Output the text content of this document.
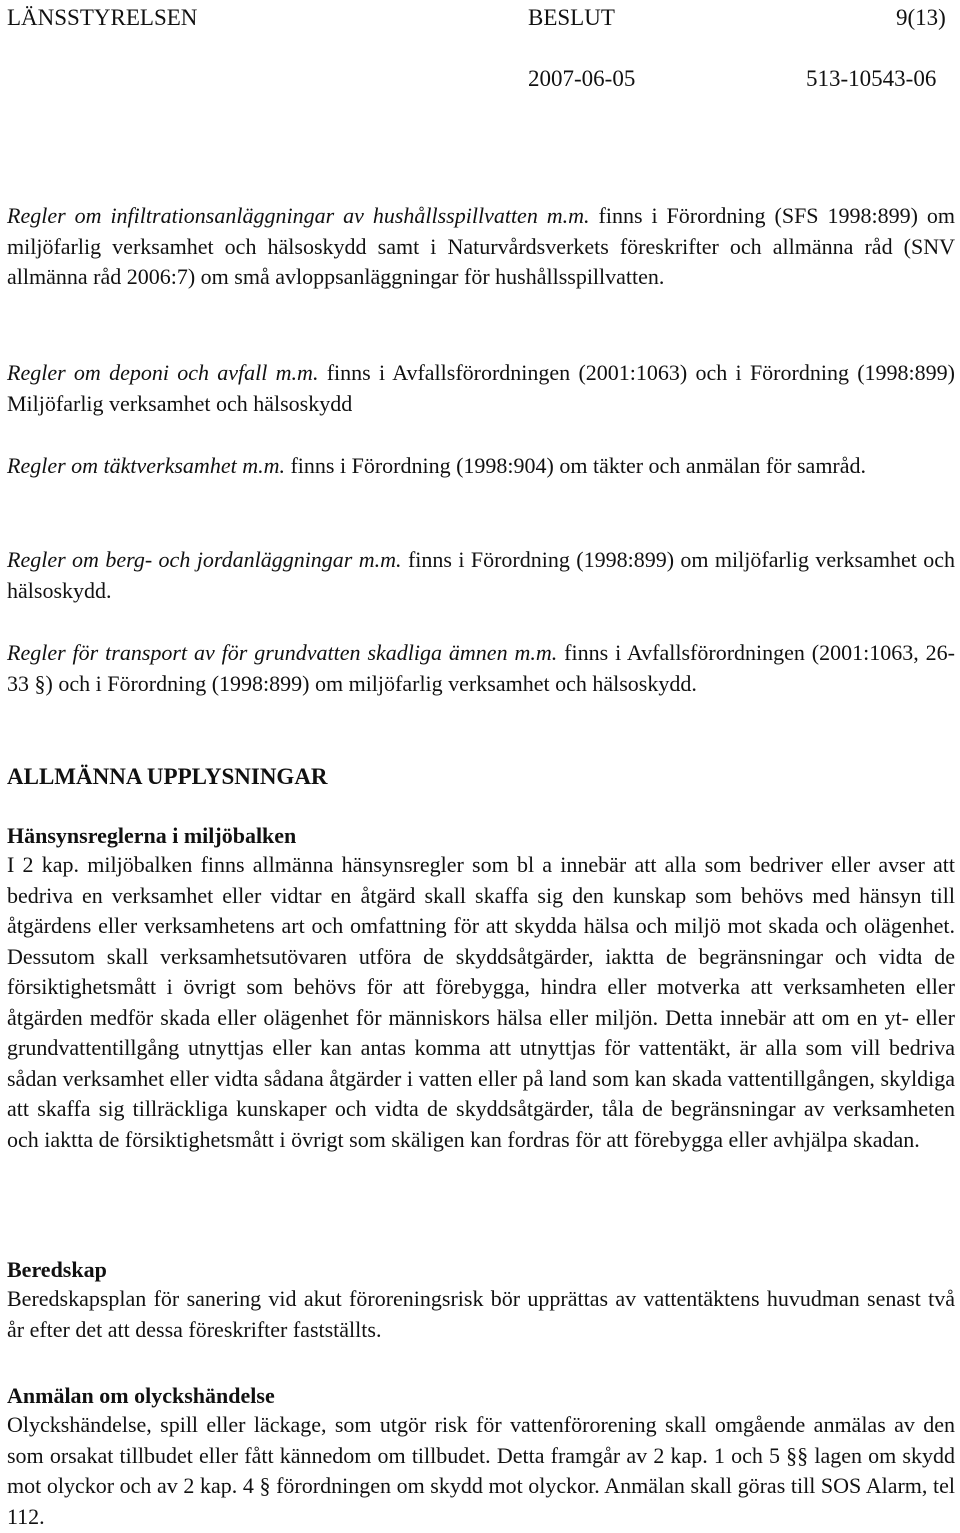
LÄNSSTYRELSEN	BESLUT	9(13)
2007-06-05	513-10543-06

Regler om infiltrationsanläggningar av hushållsspillvatten m.m. finns i Förordning (SFS 1998:899) om miljöfarlig verksamhet och hälsoskydd samt i Naturvårdsverkets föreskrifter och allmänna råd (SNV allmänna råd 2006:7) om små avloppsanläggningar för hushållsspillvatten.

Regler om deponi och avfall m.m. finns i Avfallsförordningen (2001:1063) och i Förordning (1998:899) Miljöfarlig verksamhet och hälsoskydd

Regler om täktverksamhet m.m. finns i Förordning (1998:904) om täkter och anmälan för samråd.

Regler om berg- och jordanläggningar m.m. finns i Förordning (1998:899) om miljöfarlig verksamhet och hälsoskydd.

Regler för transport av för grundvatten skadliga ämnen m.m. finns i Avfallsförordningen (2001:1063, 26-33 §) och i Förordning (1998:899) om miljöfarlig verksamhet och hälsoskydd.

ALLMÄNNA UPPLYSNINGAR
Hänsynsreglerna i miljöbalken

I 2 kap. miljöbalken finns allmänna hänsynsregler som bl a innebär att alla som bedriver eller avser att bedriva en verksamhet eller vidtar en åtgärd skall skaffa sig den kunskap som behövs med hänsyn till åtgärdens eller verksamhetens art och omfattning för att skydda hälsa och miljö mot skada och olägenhet. Dessutom skall verksamhetsutövaren utföra de skyddsåtgärder, iaktta de begränsningar och vidta de försiktighetsmått i övrigt som behövs för att förebygga, hindra eller motverka att verksamheten eller åtgärden medför skada eller olägenhet för människors hälsa eller miljön. Detta innebär att om en yt- eller grundvattentillgång utnyttjas eller kan antas komma att utnyttjas för vattentäkt, är alla som vill bedriva sådan verksamhet eller vidta sådana åtgärder i vatten eller på land som kan skada vattentillgången, skyldiga att skaffa sig tillräckliga kunskaper och vidta de skyddsåtgärder, tåla de begränsningar av verksamheten och iaktta de försiktighetsmått i övrigt som skäligen kan fordras för att förebygga eller avhjälpa skadan.

Beredskap

Beredskapsplan för sanering vid akut föroreningsrisk bör upprättas av vattentäktens huvudman senast två år efter det att dessa föreskrifter fastställts.

Anmälan om olyckshändelse

Olyckshändelse, spill eller läckage, som utgör risk för vattenförorening skall omgående anmälas av den som orsakat tillbudet eller fått kännedom om tillbudet. Detta framgår av 2 kap. 1 och 5 §§ lagen om skydd mot olyckor och av 2 kap. 4 § förordningen om skydd mot olyckor. Anmälan skall göras till SOS Alarm, tel 112.
